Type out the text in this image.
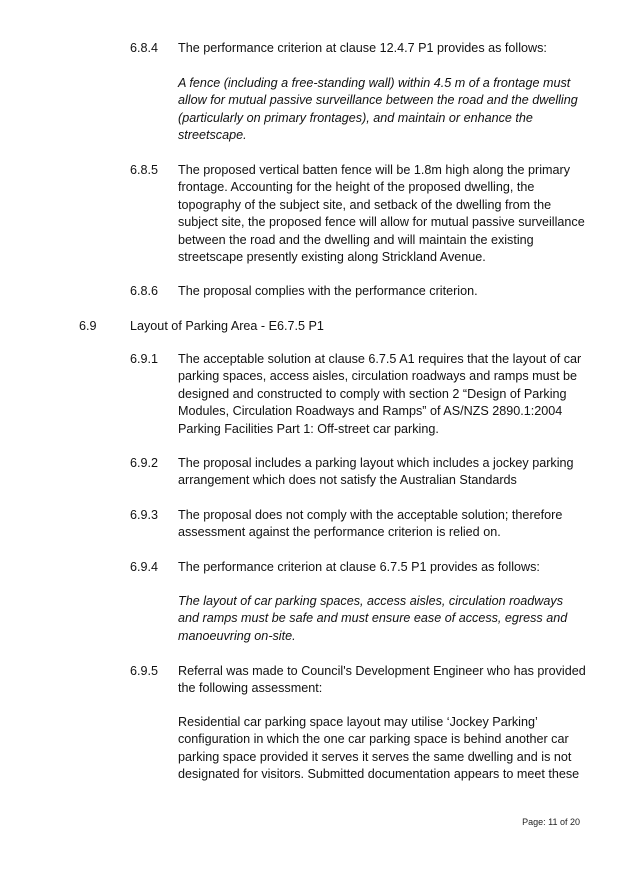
6.8.4 The performance criterion at clause 12.4.7 P1 provides as follows:
A fence (including a free-standing wall) within 4.5 m of a frontage must
allow for mutual passive surveillance between the road and the dwelling
(particularly on primary frontages), and maintain or enhance the
streetscape.
6.8.5 The proposed vertical batten fence will be 1.8m high along the primary
frontage. Accounting for the height of the proposed dwelling, the
topography of the subject site, and setback of the dwelling from the
subject site, the proposed fence will allow for mutual passive surveillance
between the road and the dwelling and will maintain the existing
streetscape presently existing along Strickland Avenue.
6.8.6 The proposal complies with the performance criterion.
6.9	Layout of Parking Area - E6.7.5 P1
6.9.1 The acceptable solution at clause 6.7.5 A1 requires that the layout of car
parking spaces, access aisles, circulation roadways and ramps must be
designed and constructed to comply with section 2 “Design of Parking
Modules, Circulation Roadways and Ramps” of AS/NZS 2890.1:2004
Parking Facilities Part 1: Off-street car parking.
6.9.2 The proposal includes a parking layout which includes a jockey parking
arrangement which does not satisfy the Australian Standards
6.9.3 The proposal does not comply with the acceptable solution; therefore
assessment against the performance criterion is relied on.
6.9.4 The performance criterion at clause 6.7.5 P1 provides as follows:
The layout of car parking spaces, access aisles, circulation roadways
and ramps must be safe and must ensure ease of access, egress and
manoeuvring on-site.
6.9.5 Referral was made to Council's Development Engineer who has provided
the following assessment:
Residential car parking space layout may utilise ‘Jockey Parking’
configuration in which the one car parking space is behind another car
parking space provided it serves it serves the same dwelling and is not
designated for visitors. Submitted documentation appears to meet these
Page: 11 of 20
